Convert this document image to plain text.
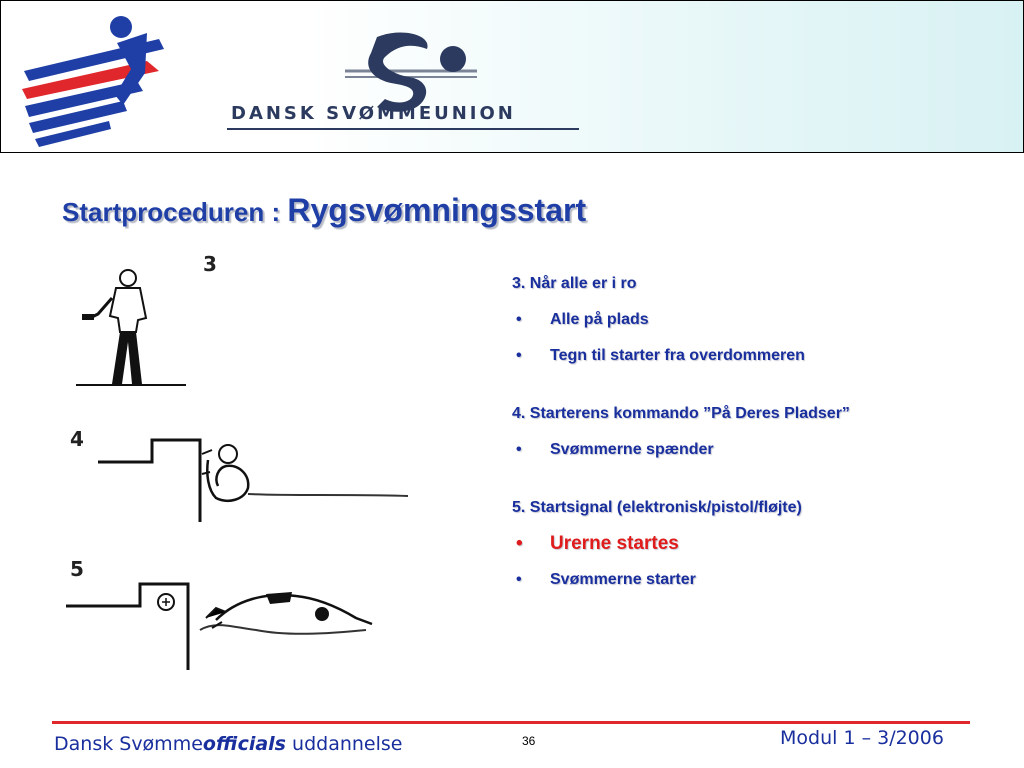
DANSK SVØMMEUNION
Startproceduren : Rygsvømningsstart
3
4
5
3. Når alle er i ro
• Alle på plads
• Tegn til starter fra overdommeren
4. Starterens kommando ”På Deres Pladser”
• Svømmerne spænder
5. Startsignal (elektronisk/pistol/fløjte)
• Urerne startes
• Svømmerne starter
Dansk Svømmeofficials uddannelse	36	Modul 1 – 3/2006
